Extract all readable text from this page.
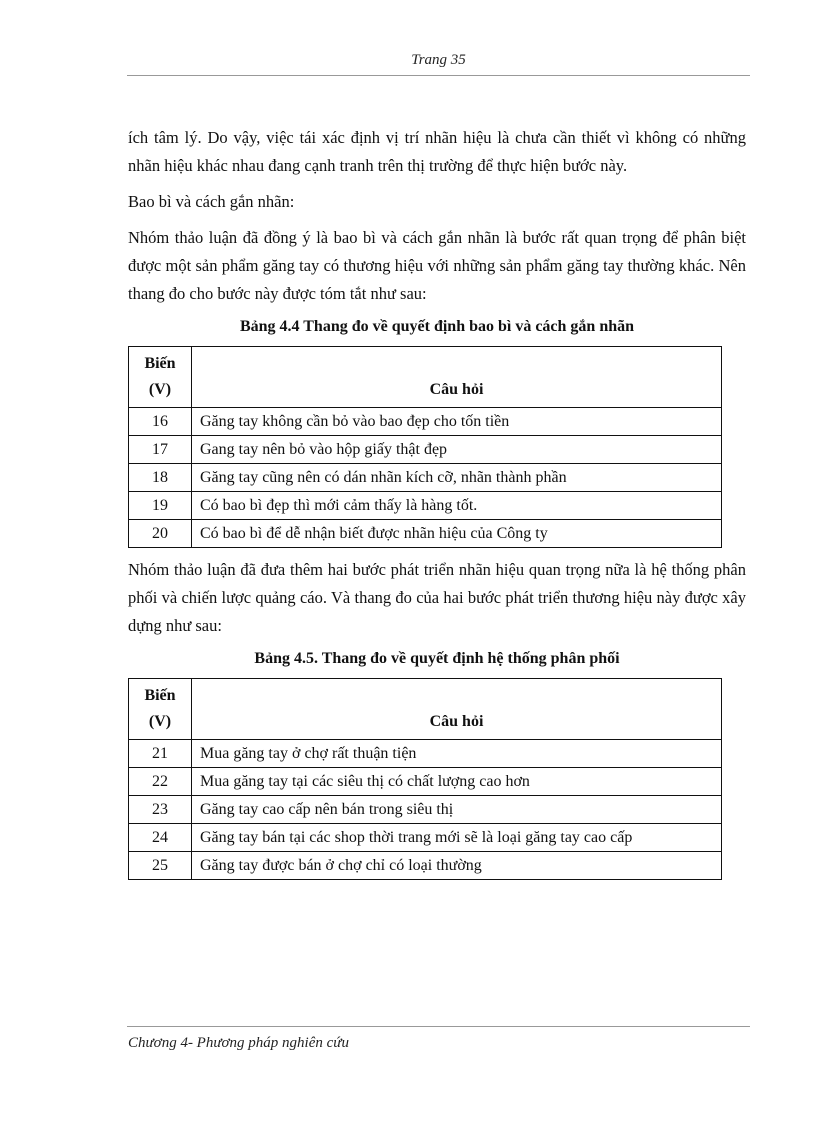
Trang 35

ích tâm lý. Do vậy, việc tái xác định vị trí nhãn hiệu là chưa cần thiết vì không có những nhãn hiệu khác nhau đang cạnh tranh trên thị trường để thực hiện bước này.

Bao bì và cách gắn nhãn:

Nhóm thảo luận đã đồng ý là bao bì và cách gắn nhãn là bước rất quan trọng để phân biệt được một sản phẩm găng tay có thương hiệu với những sản phẩm găng tay thường khác. Nên thang đo cho bước này được tóm tắt như sau:

Bảng 4.4 Thang đo về quyết định bao bì và cách gắn nhãn
Biến
(V)	Câu hỏi
16	Găng tay không cần bỏ vào bao đẹp cho tốn tiền
17	Gang tay nên bỏ vào hộp giấy thật đẹp
18	Găng tay cũng nên có dán nhãn kích cỡ, nhãn thành phần
19	Có bao bì đẹp thì mới cảm thấy là hàng tốt.
20	Có bao bì để dễ nhận biết được nhãn hiệu của Công ty

Nhóm thảo luận đã đưa thêm hai bước phát triển nhãn hiệu quan trọng nữa là hệ thống phân phối và chiến lược quảng cáo. Và thang đo của hai bước phát triển thương hiệu này được xây dựng như sau:

Bảng 4.5. Thang đo về quyết định hệ thống phân phối
Biến
(V)	Câu hỏi
21	Mua găng tay ở chợ rất thuận tiện
22	Mua găng tay tại các siêu thị có chất lượng cao hơn
23	Găng tay cao cấp nên bán trong siêu thị
24	Găng tay bán tại các shop thời trang mới sẽ là loại găng tay cao cấp
25	Găng tay được bán ở chợ chỉ có loại thường
Chương 4- Phương pháp nghiên cứu
